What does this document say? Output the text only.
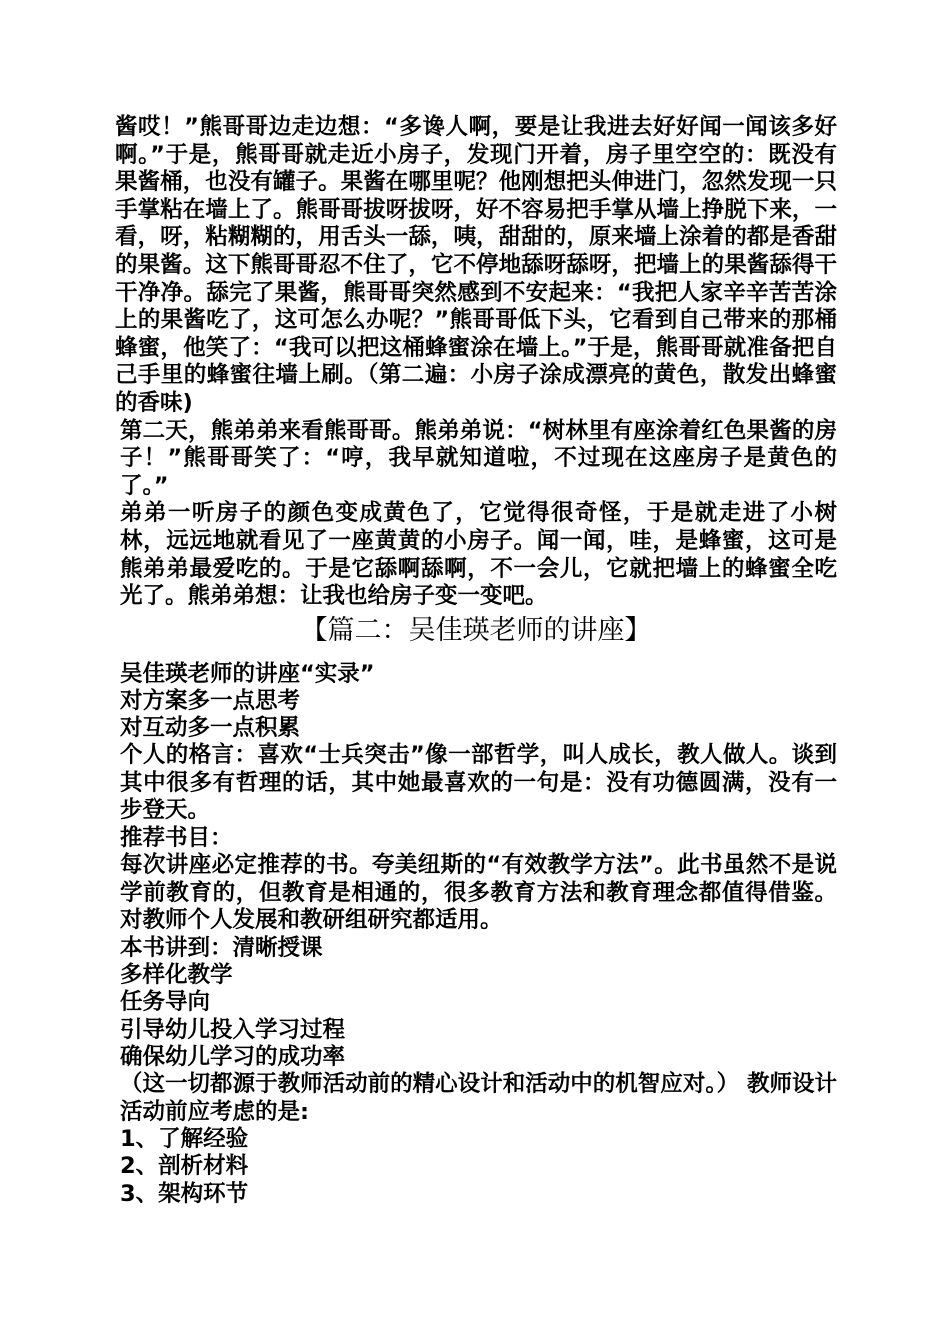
酱哎！”熊哥哥边走边想：“多谗人啊，要是让我进去好好闻一闻该多好啊。”于是，熊哥哥就走近小房子，发现门开着，房子里空空的：既没有果酱桶，也没有罐子。果酱在哪里呢？他刚想把头伸进门，忽然发现一只手掌粘在墙上了。熊哥哥拔呀拔呀，好不容易把手掌从墙上挣脱下来，一看，呀，粘糊糊的，用舌头一舔，咦，甜甜的，原来墙上涂着的都是香甜的果酱。这下熊哥哥忍不住了，它不停地舔呀舔呀，把墙上的果酱舔得干干净净。舔完了果酱，熊哥哥突然感到不安起来：“我把人家辛辛苦苦涂上的果酱吃了，这可怎么办呢？”熊哥哥低下头，它看到自己带来的那桶蜂蜜，他笑了：“我可以把这桶蜂蜜涂在墙上。”于是，熊哥哥就准备把自己手里的蜂蜜往墙上刷。（第二遍：小房子涂成漂亮的黄色，散发出蜂蜜的香味)

第二天，熊弟弟来看熊哥哥。熊弟弟说：“树林里有座涂着红色果酱的房子！”熊哥哥笑了：“哼，我早就知道啦，不过现在这座房子是黄色的了。”

弟弟一听房子的颜色变成黄色了，它觉得很奇怪，于是就走进了小树林，远远地就看见了一座黄黄的小房子。闻一闻，哇，是蜂蜜，这可是熊弟弟最爱吃的。于是它舔啊舔啊，不一会儿，它就把墙上的蜂蜜全吃光了。熊弟弟想：让我也给房子变一变吧。

【篇二：吴佳瑛老师的讲座】

吴佳瑛老师的讲座“实录”

对方案多一点思考

对互动多一点积累

个人的格言：喜欢“士兵突击”像一部哲学，叫人成长，教人做人。谈到其中很多有哲理的话，其中她最喜欢的一句是：没有功德圆满，没有一步登天。

推荐书目：

每次讲座必定推荐的书。夸美纽斯的“有效教学方法”。此书虽然不是说学前教育的，但教育是相通的，很多教育方法和教育理念都值得借鉴。对教师个人发展和教研组研究都适用。

本书讲到：清晰授课

多样化教学

任务导向

引导幼儿投入学习过程

确保幼儿学习的成功率

（这一切都源于教师活动前的精心设计和活动中的机智应对。） 教师设计活动前应考虑的是:

1、了解经验

2、剖析材料

3、架构环节
